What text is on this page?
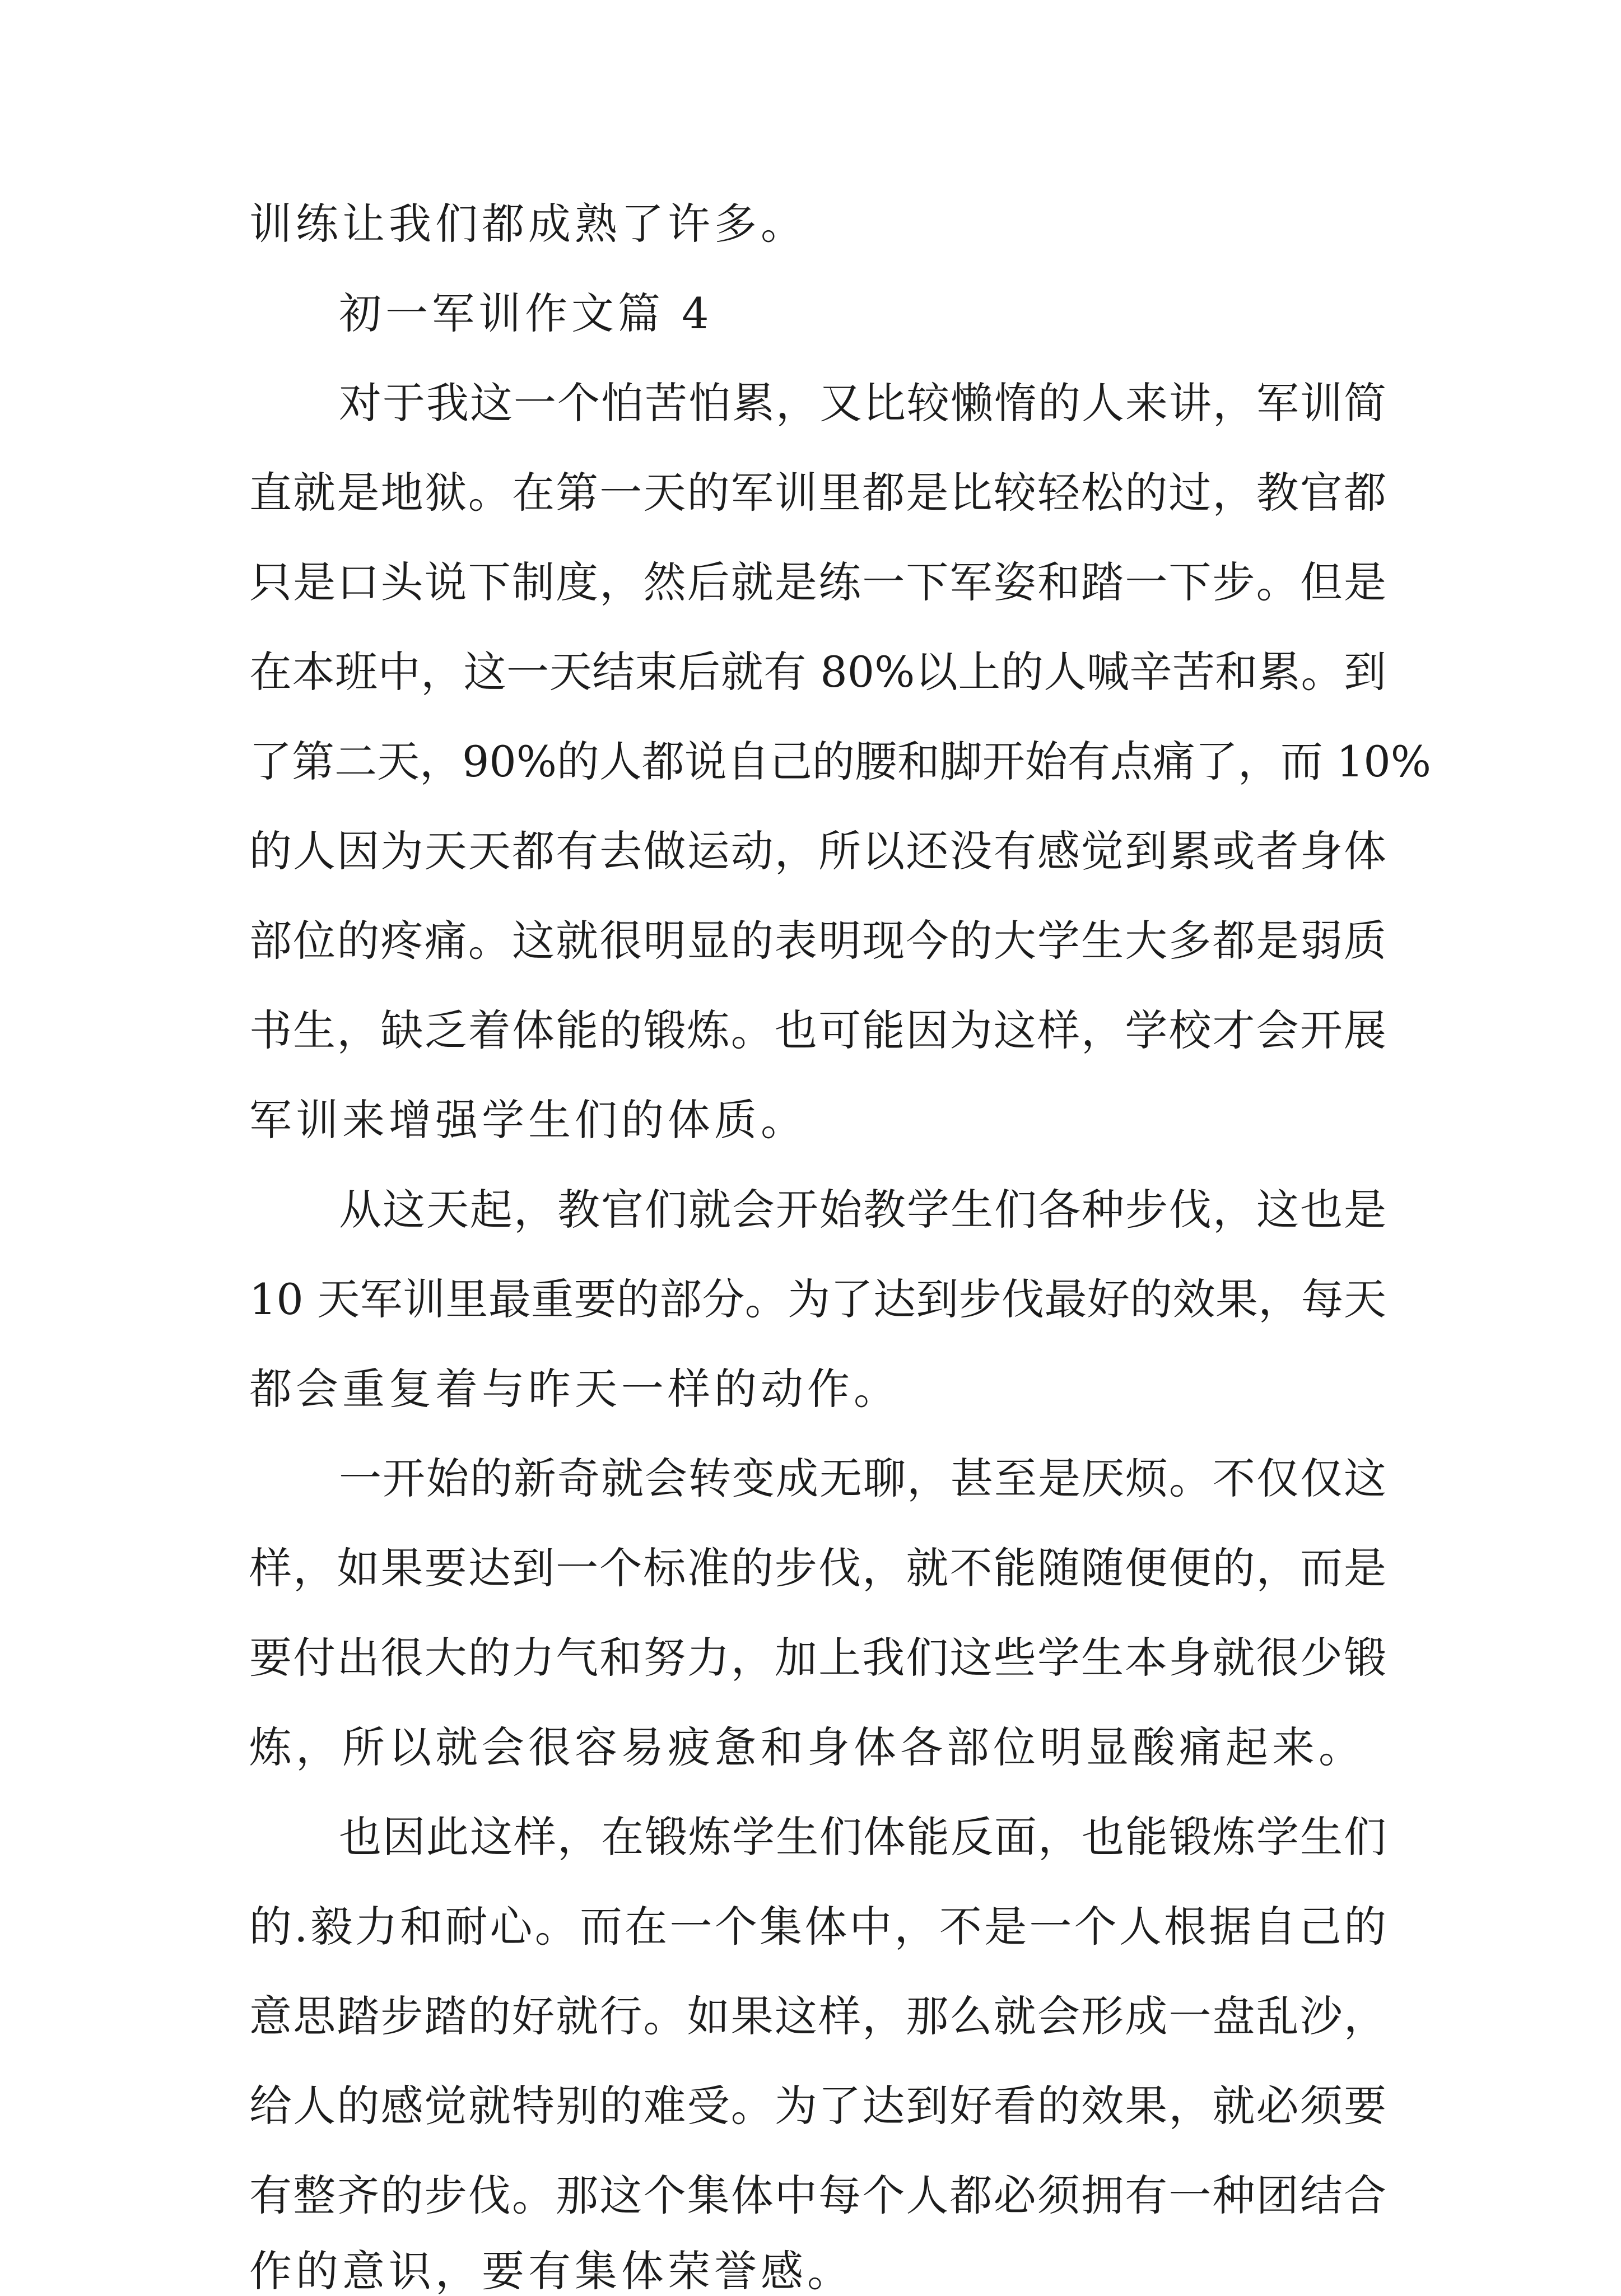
训练让我们都成熟了许多。
初一军训作文篇 4
对于我这一个怕苦怕累，又比较懒惰的人来讲，军训简
直就是地狱。在第一天的军训里都是比较轻松的过，教官都
只是口头说下制度，然后就是练一下军姿和踏一下步。但是
在本班中，这一天结束后就有 80%以上的人喊辛苦和累。到
了第二天，90%的人都说自己的腰和脚开始有点痛了，而 10%
的人因为天天都有去做运动，所以还没有感觉到累或者身体
部位的疼痛。这就很明显的表明现今的大学生大多都是弱质
书生，缺乏着体能的锻炼。也可能因为这样，学校才会开展
军训来增强学生们的体质。
从这天起，教官们就会开始教学生们各种步伐，这也是
10 天军训里最重要的部分。为了达到步伐最好的效果，每天
都会重复着与昨天一样的动作。
一开始的新奇就会转变成无聊，甚至是厌烦。不仅仅这
样，如果要达到一个标准的步伐，就不能随随便便的，而是
要付出很大的力气和努力，加上我们这些学生本身就很少锻
炼，所以就会很容易疲惫和身体各部位明显酸痛起来。
也因此这样，在锻炼学生们体能反面，也能锻炼学生们
的.毅力和耐心。而在一个集体中，不是一个人根据自己的
意思踏步踏的好就行。如果这样，那么就会形成一盘乱沙，
给人的感觉就特别的难受。为了达到好看的效果，就必须要
有整齐的步伐。那这个集体中每个人都必须拥有一种团结合
作的意识，要有集体荣誉感。
